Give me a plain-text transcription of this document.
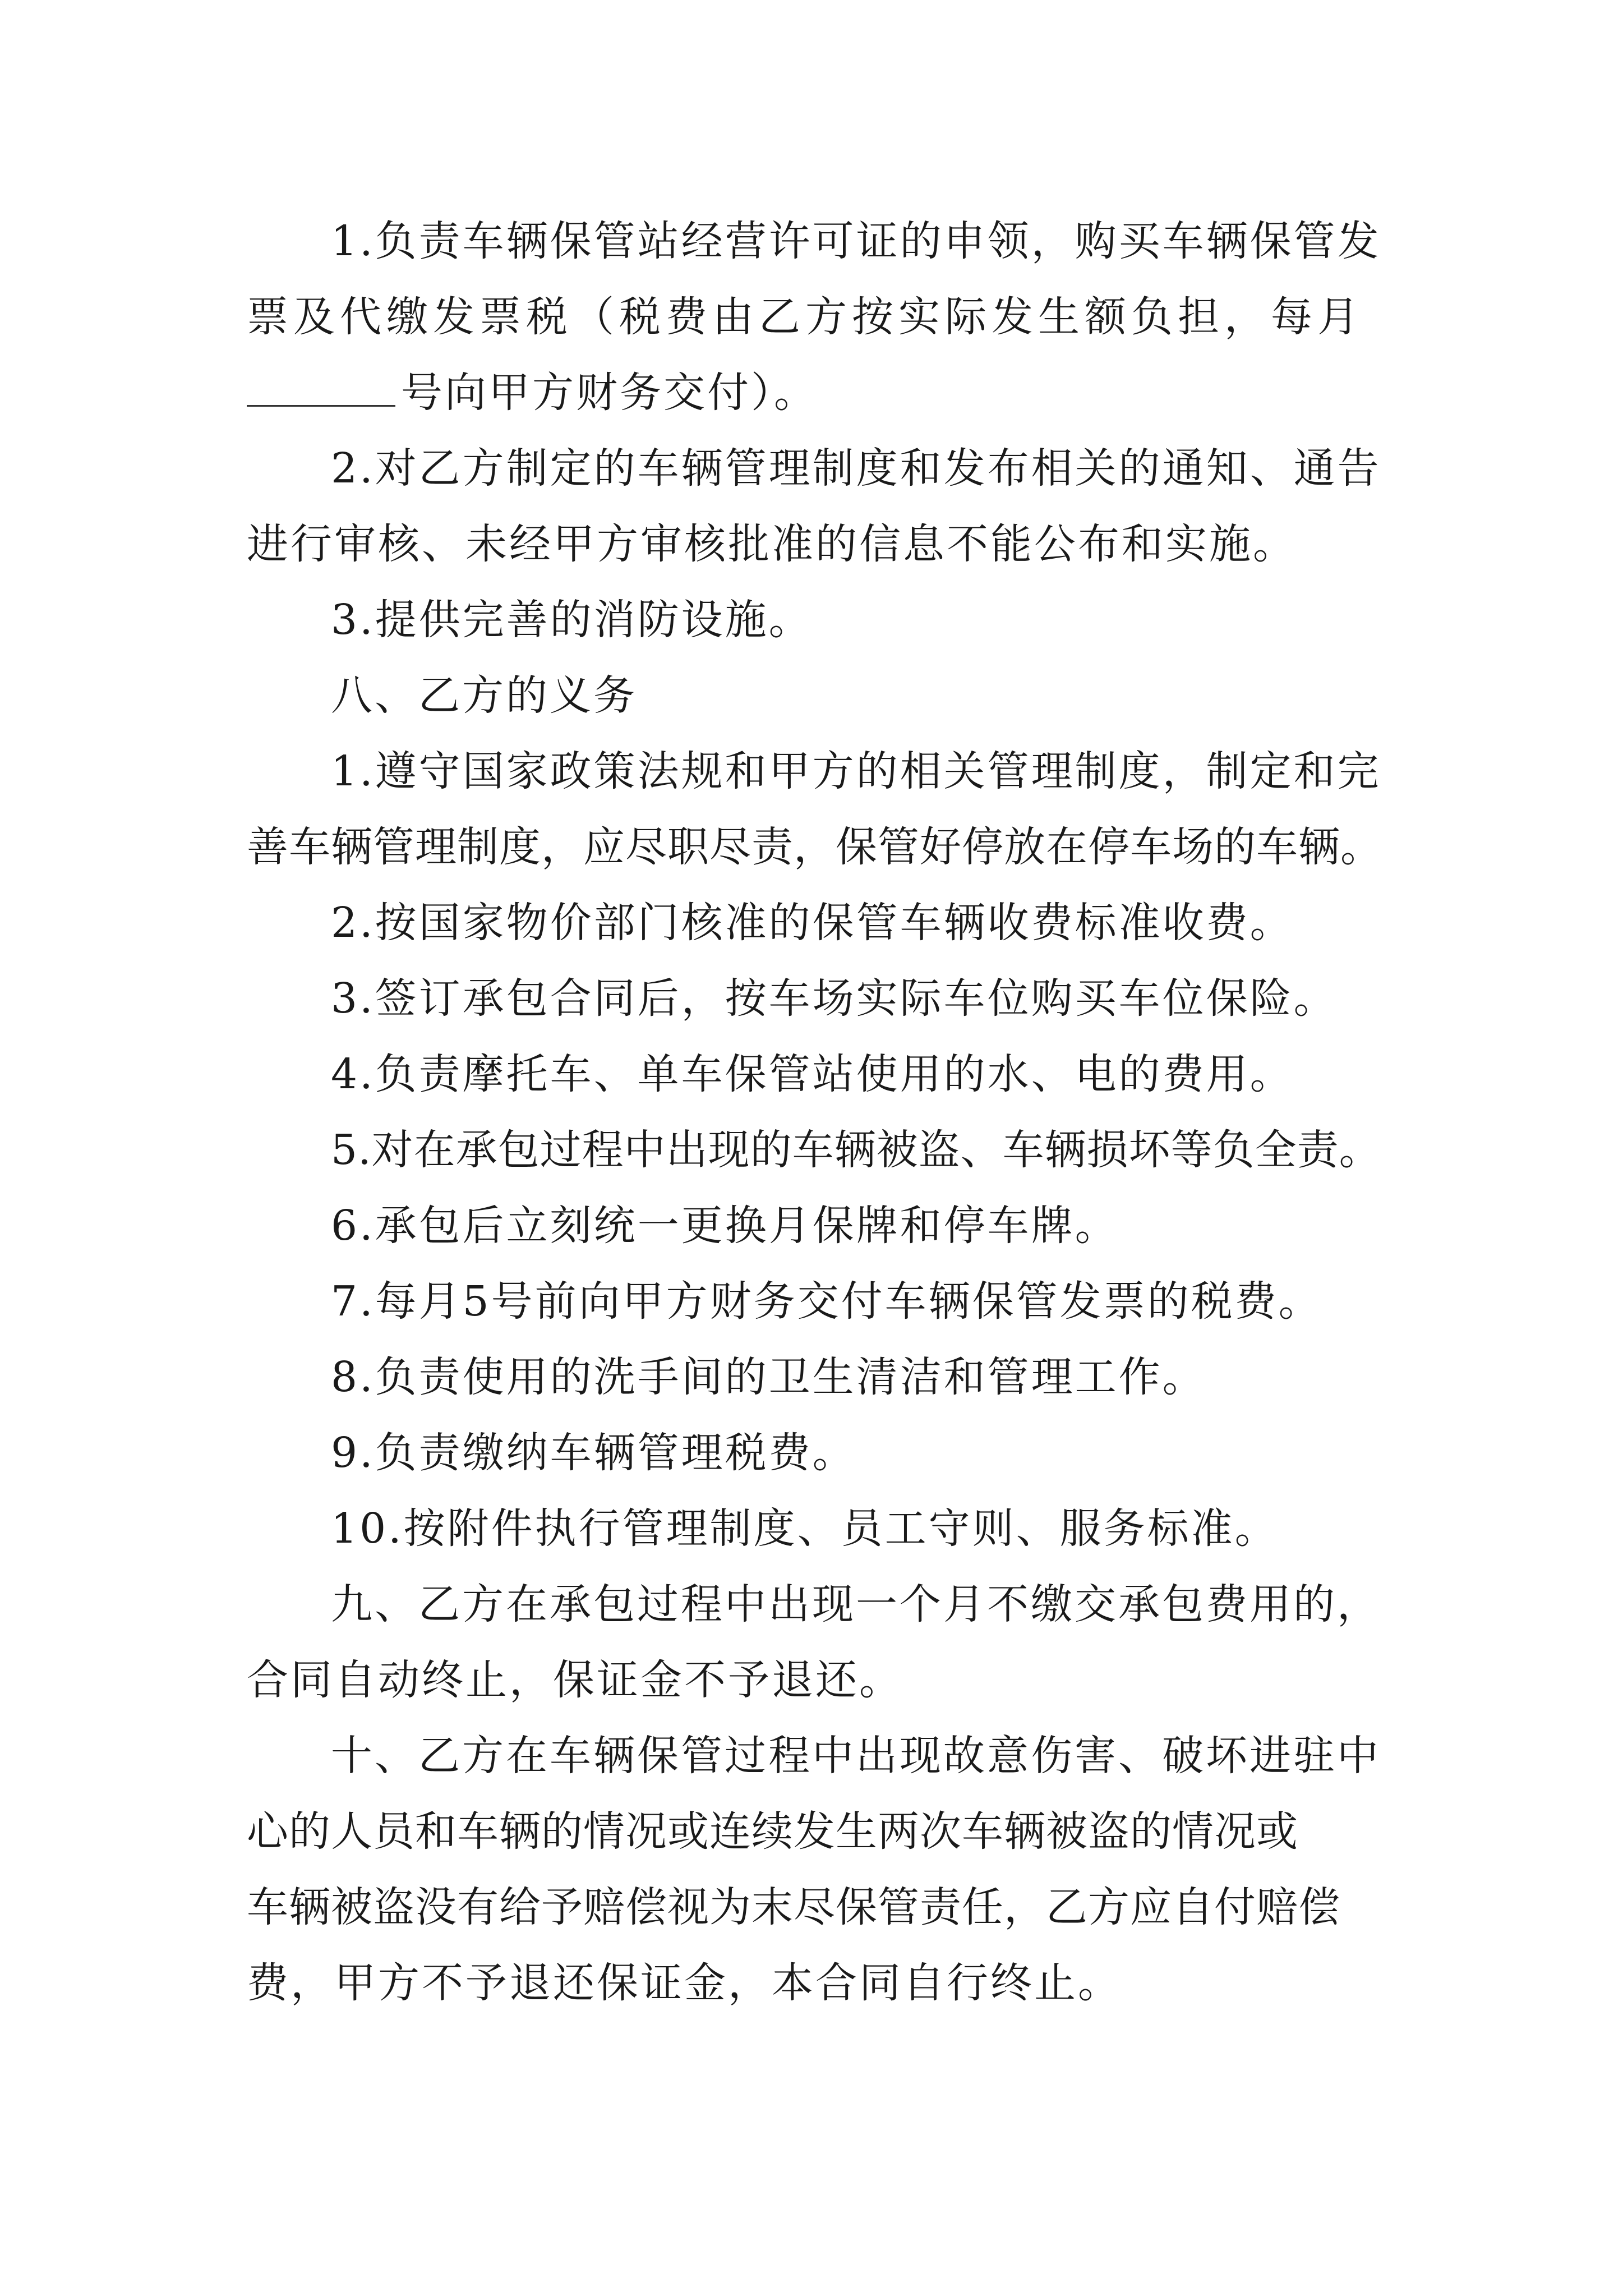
1.负责车辆保管站经营许可证的申领，购买车辆保管发
票及代缴发票税（税费由乙方按实际发生额负担，每月
号向甲方财务交付）。
2.对乙方制定的车辆管理制度和发布相关的通知、通告
进行审核、未经甲方审核批准的信息不能公布和实施。
3.提供完善的消防设施。
八、乙方的义务
1.遵守国家政策法规和甲方的相关管理制度，制定和完
善车辆管理制度，应尽职尽责，保管好停放在停车场的车辆。
2.按国家物价部门核准的保管车辆收费标准收费。
3.签订承包合同后，按车场实际车位购买车位保险。
4.负责摩托车、单车保管站使用的水、电的费用。
5.对在承包过程中出现的车辆被盗、车辆损坏等负全责。
6.承包后立刻统一更换月保牌和停车牌。
7.每月5号前向甲方财务交付车辆保管发票的税费。
8.负责使用的洗手间的卫生清洁和管理工作。
9.负责缴纳车辆管理税费。
10.按附件执行管理制度、员工守则、服务标准。
九、乙方在承包过程中出现一个月不缴交承包费用的，
合同自动终止，保证金不予退还。
十、乙方在车辆保管过程中出现故意伤害、破坏进驻中
心的人员和车辆的情况或连续发生两次车辆被盗的情况或
车辆被盗没有给予赔偿视为末尽保管责任，乙方应自付赔偿
费，甲方不予退还保证金，本合同自行终止。
